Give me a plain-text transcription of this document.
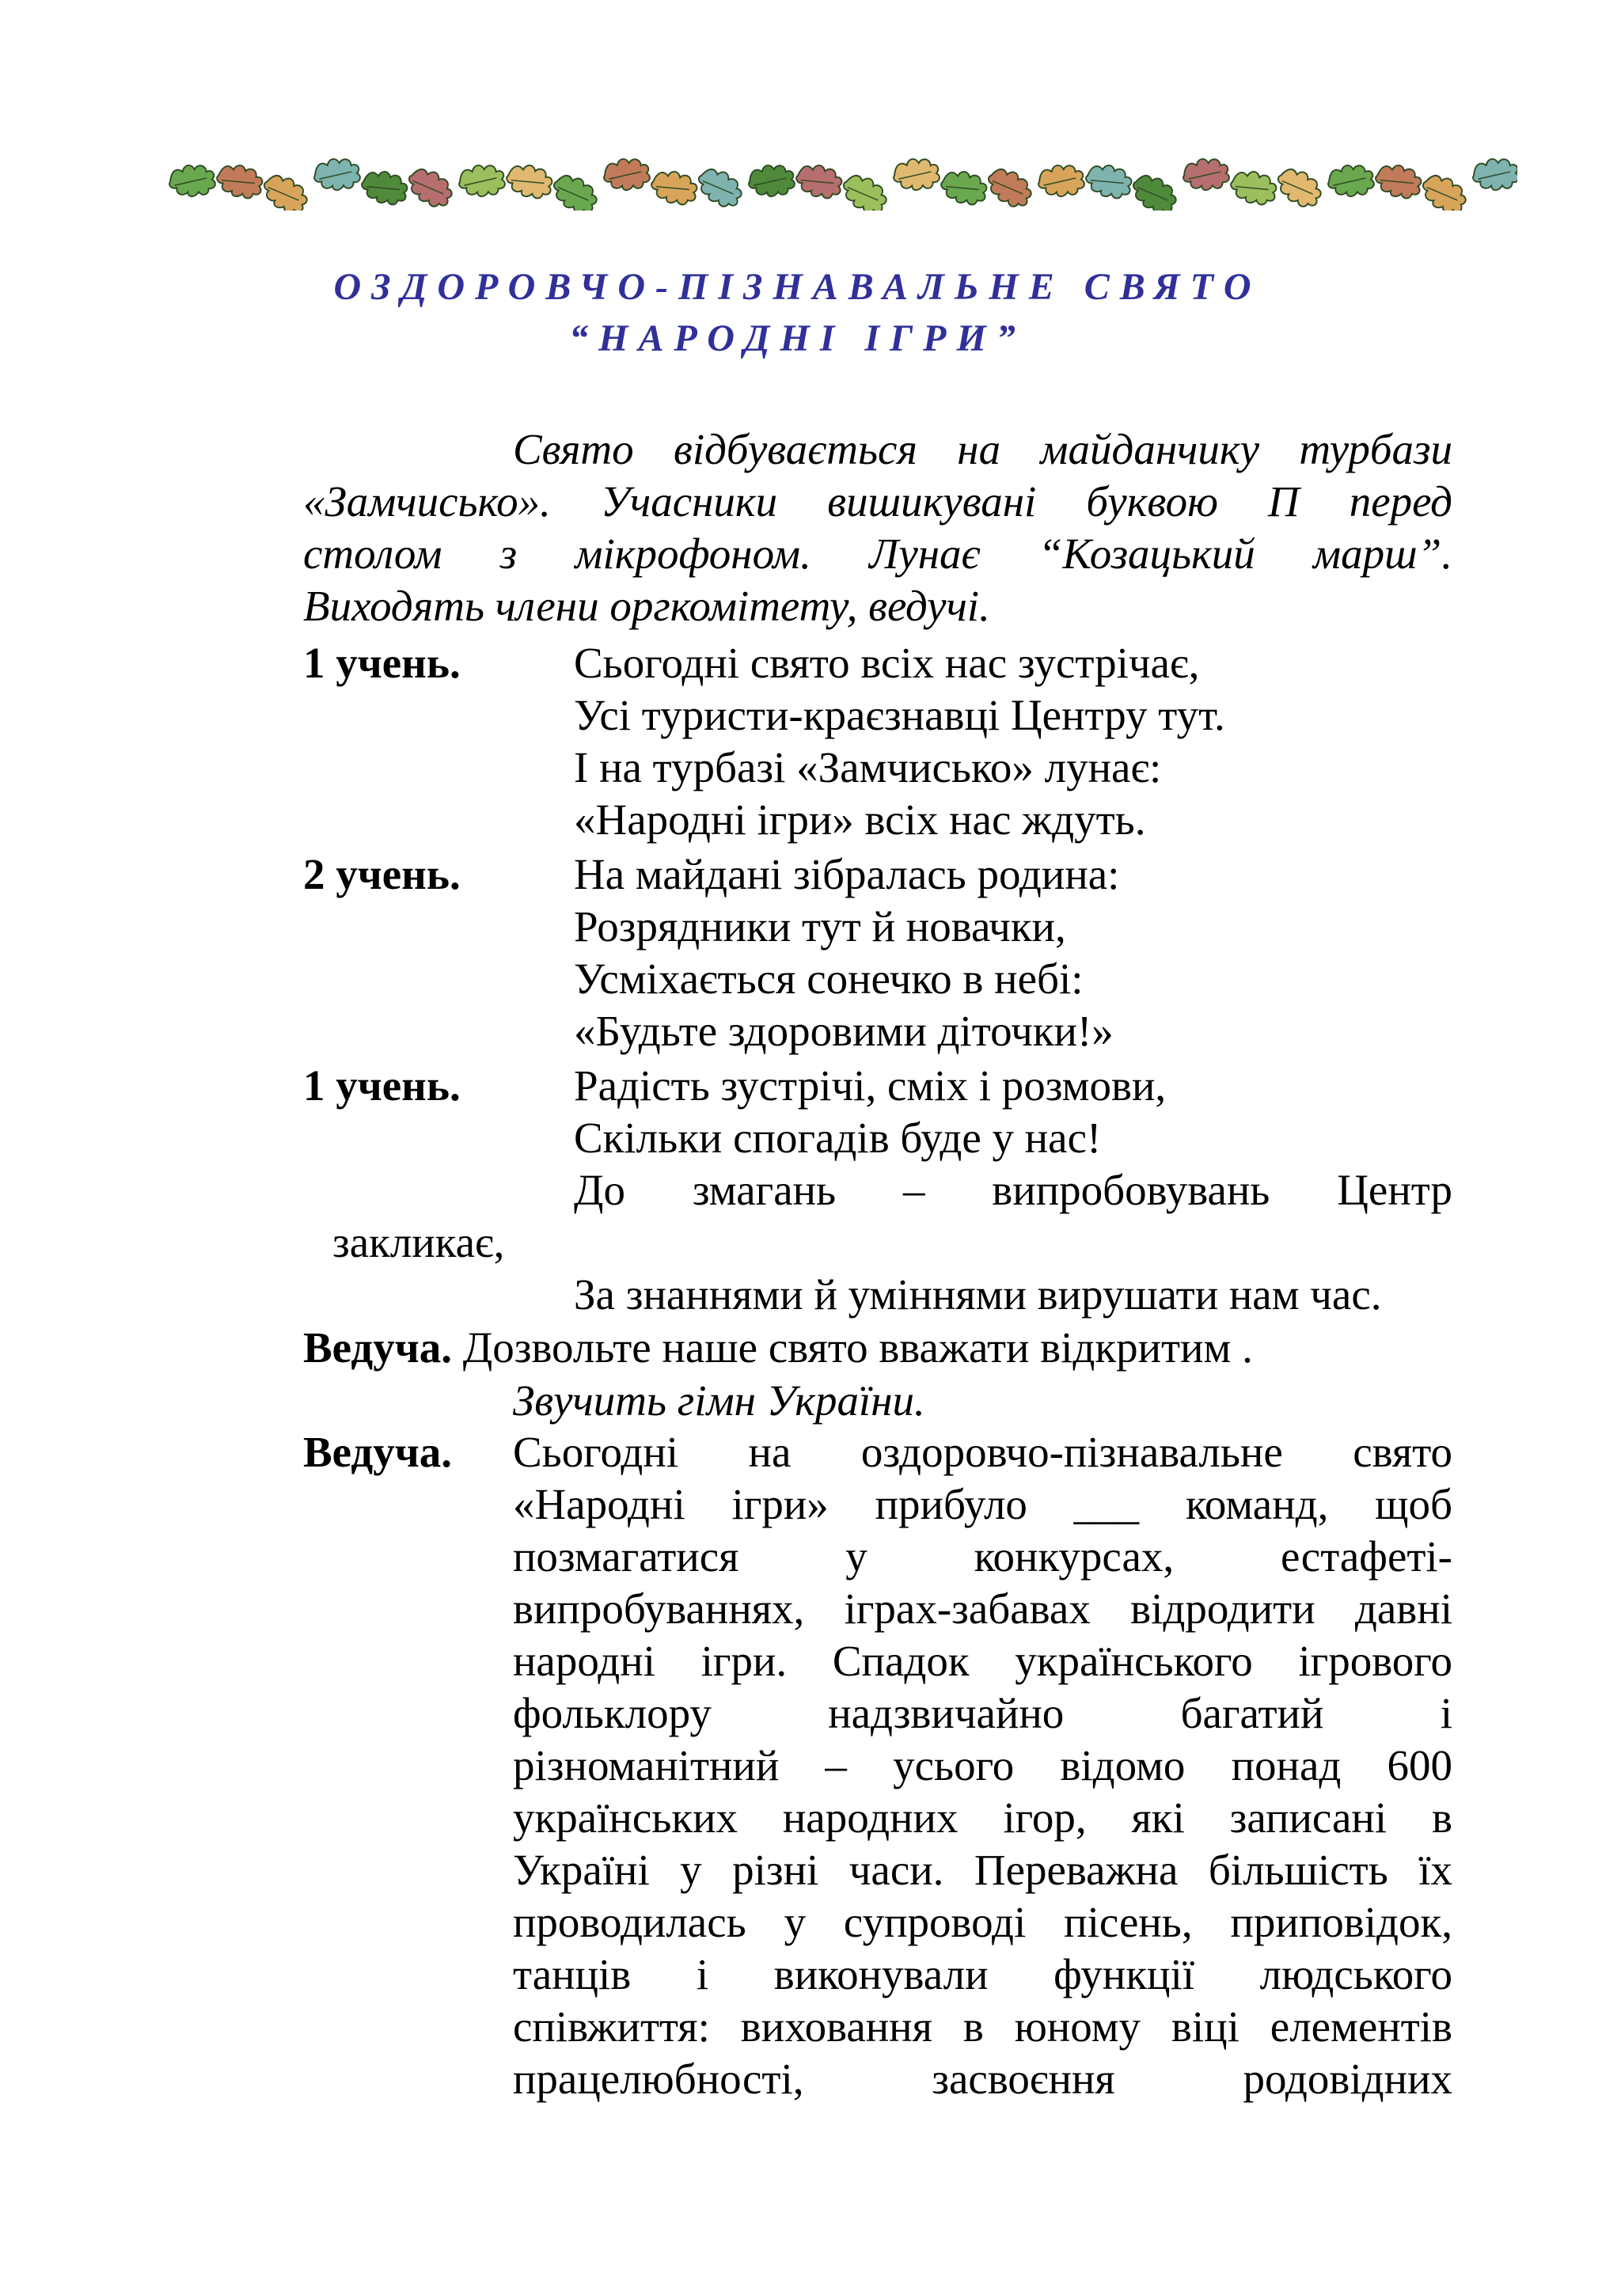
ОЗДОРОВЧО-ПІЗНАВАЛЬНЕ СВЯТО
“НАРОДНІ ІГРИ”
Свято відбувається на майданчику турбази
«Замчисько». Учасники вишикувані буквою П перед
столом з мікрофоном. Лунає “Козацький марш”.
Виходять члени оргкомітету, ведучі.
1 учень.	Сьогодні свято всіх нас зустрічає,
Усі туристи-краєзнавці Центру тут.
І на турбазі «Замчисько» лунає:
«Народні ігри» всіх нас ждуть.
2 учень.	На майдані зібралась родина:
Розрядники тут й новачки,
Усміхається сонечко в небі:
«Будьте здоровими діточки!»
1 учень.	Радість зустрічі, сміх і розмови,
Скільки спогадів буде у нас!
До змагань – випробовувань Центр
закликає,
За знаннями й уміннями вирушати нам час.
Ведуча. Дозвольте наше свято вважати відкритим .
Звучить гімн України.
Ведуча. Сьогодні на оздоровчо-пізнавальне свято
«Народні ігри» прибуло ___ команд, щоб
позмагатися у конкурсах, естафеті-
випробуваннях, іграх-забавах відродити давні
народні ігри. Спадок українського ігрового
фольклору надзвичайно багатий і
різноманітний – усього відомо понад 600
українських народних ігор, які записані в
Україні у різні часи. Переважна більшість їх
проводилась у супроводі пісень, приповідок,
танців і виконували функції людського
співжиття: виховання в юному віці елементів
працелюбності, засвоєння родовідних
